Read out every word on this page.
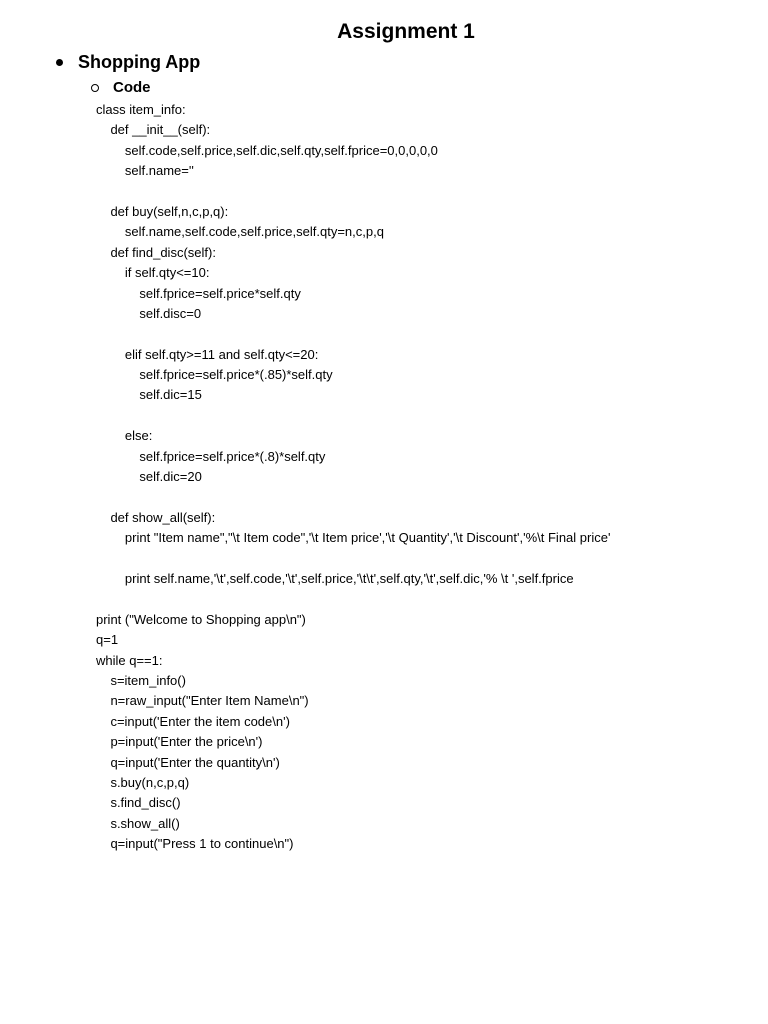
Assignment 1
Shopping App
Code
class item_info:
def __init__(self):
self.code,self.price,self.dic,self.qty,self.fprice=0,0,0,0,0
self.name=''
def buy(self,n,c,p,q):
self.name,self.code,self.price,self.qty=n,c,p,q
def find_disc(self):
if self.qty<=10:
self.fprice=self.price*self.qty
self.disc=0
elif self.qty>=11 and self.qty<=20:
self.fprice=self.price*(.85)*self.qty
self.dic=15
else:
self.fprice=self.price*(.8)*self.qty
self.dic=20
def show_all(self):
print "Item name","\t Item code",'\t Item price','\t Quantity','\t Discount','%\t Final price'
print self.name,'\t',self.code,'\t',self.price,'\t\t',self.qty,'\t',self.dic,'% \t ',self.fprice
print ("Welcome to Shopping app\n")
q=1
while q==1:
s=item_info()
n=raw_input("Enter Item Name\n")
c=input('Enter the item code\n')
p=input('Enter the price\n')
q=input('Enter the quantity\n')
s.buy(n,c,p,q)
s.find_disc()
s.show_all()
q=input("Press 1 to continue\n")
